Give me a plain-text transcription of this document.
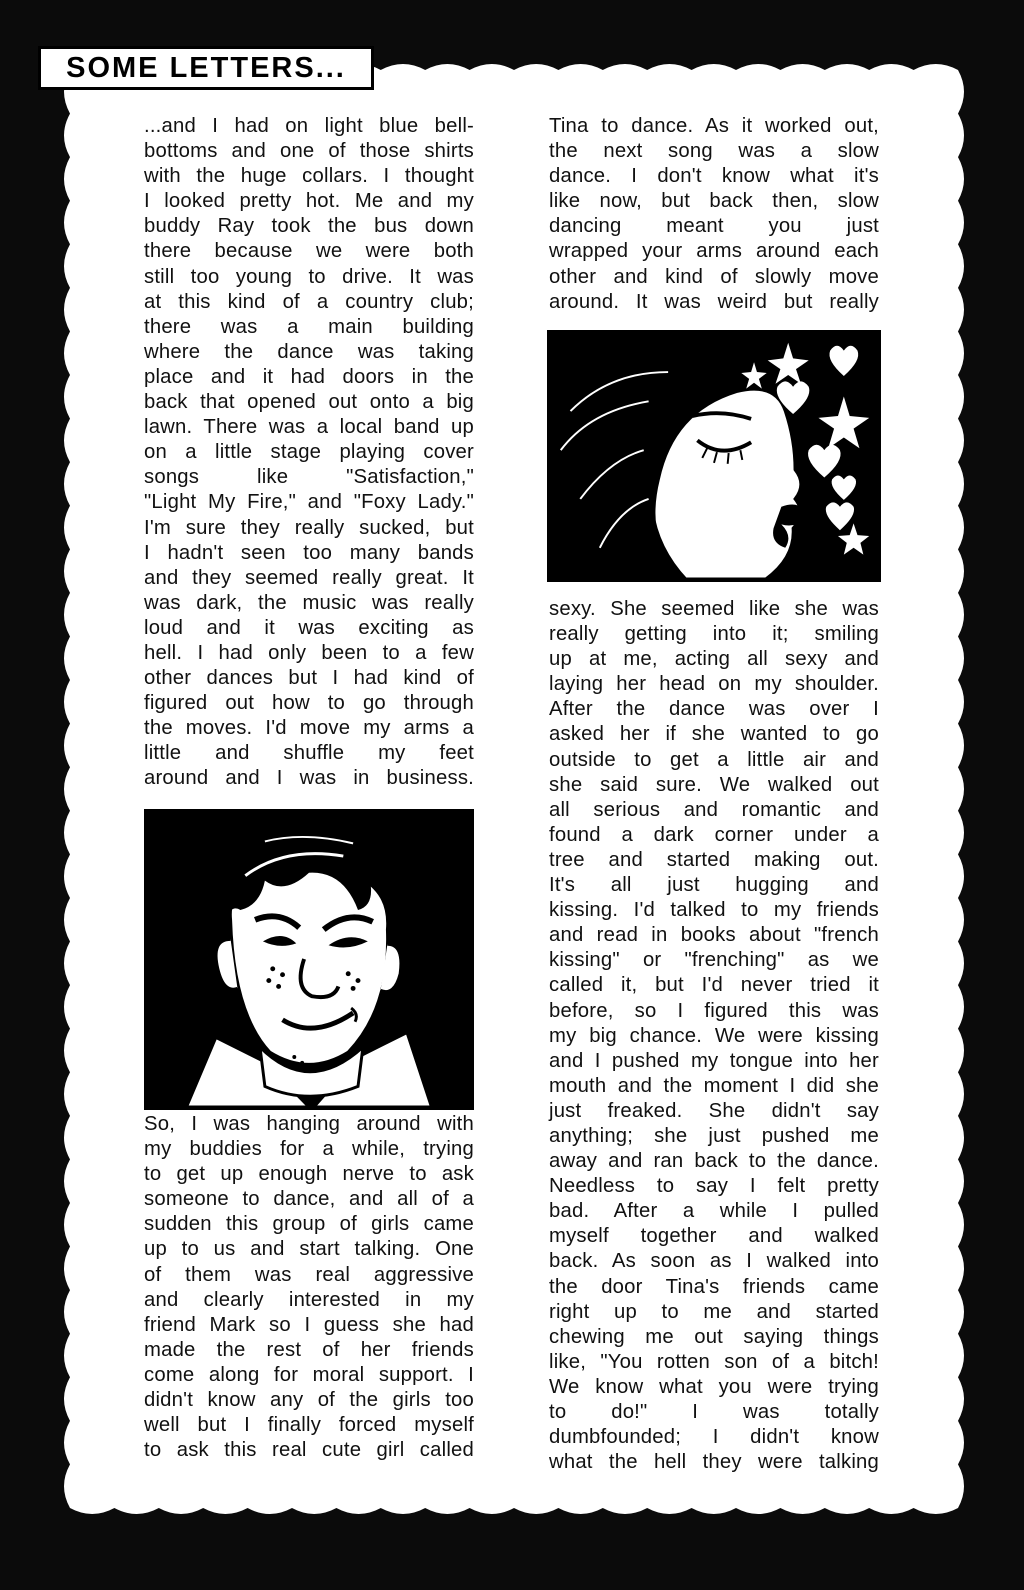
SOME LETTERS...
...and I had on light blue bell-
bottoms and one of those shirts
with the huge collars. I thought
I looked pretty hot. Me and my
buddy Ray took the bus down
there because we were both
still too young to drive. It was
at this kind of a country club;
there was a main building
where the dance was taking
place and it had doors in the
back that opened out onto a big
lawn. There was a local band up
on a little stage playing cover
songs like "Satisfaction,"
"Light My Fire," and "Foxy Lady."
I'm sure they really sucked, but
I hadn't seen too many bands
and they seemed really great. It
was dark, the music was really
loud and it was exciting as
hell. I had only been to a few
other dances but I had kind of
figured out how to go through
the moves. I'd move my arms a
little and shuffle my feet
around and I was in business.
So, I was hanging around with
my buddies for a while, trying
to get up enough nerve to ask
someone to dance, and all of a
sudden this group of girls came
up to us and start talking. One
of them was real aggressive
and clearly interested in my
friend Mark so I guess she had
made the rest of her friends
come along for moral support. I
didn't know any of the girls too
well but I finally forced myself
to ask this real cute girl called
Tina to dance. As it worked out,
the next song was a slow
dance. I don't know what it's
like now, but back then, slow
dancing meant you just
wrapped your arms around each
other and kind of slowly move
around. It was weird but really
sexy. She seemed like she was
really getting into it; smiling
up at me, acting all sexy and
laying her head on my shoulder.
After the dance was over I
asked her if she wanted to go
outside to get a little air and
she said sure. We walked out
all serious and romantic and
found a dark corner under a
tree and started making out.
It's all just hugging and
kissing. I'd talked to my friends
and read in books about "french
kissing" or "frenching" as we
called it, but I'd never tried it
before, so I figured this was
my big chance. We were kissing
and I pushed my tongue into her
mouth and the moment I did she
just freaked. She didn't say
anything; she just pushed me
away and ran back to the dance.
Needless to say I felt pretty
bad. After a while I pulled
myself together and walked
back. As soon as I walked into
the door Tina's friends came
right up to me and started
chewing me out saying things
like, "You rotten son of a bitch!
We know what you were trying
to do!" I was totally
dumbfounded; I didn't know
what the hell they were talking
